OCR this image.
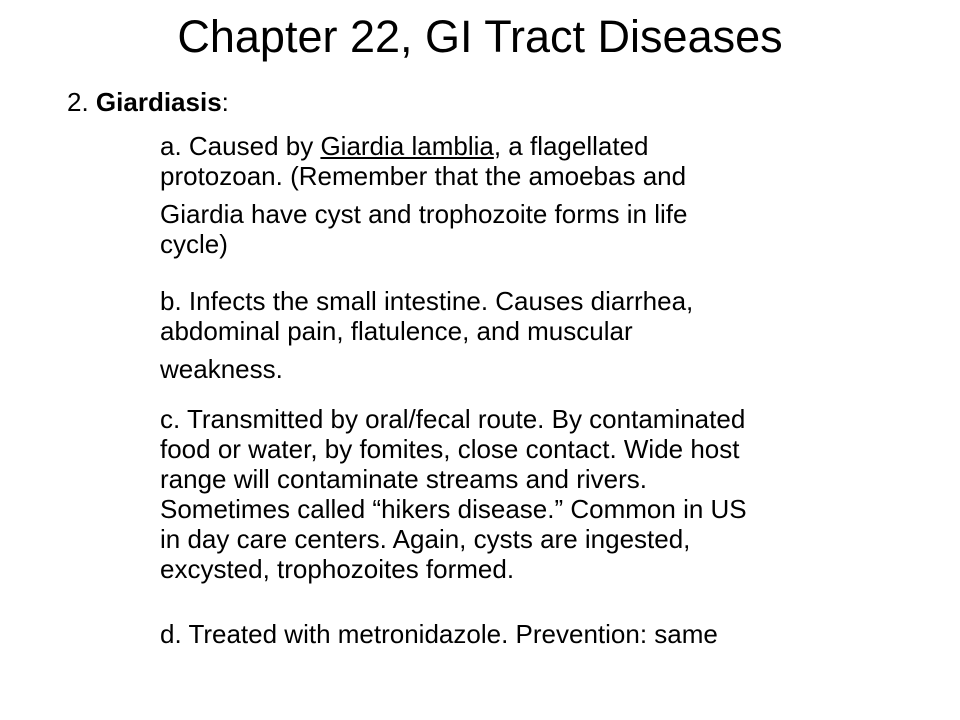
Chapter 22, GI Tract Diseases
2. Giardiasis:

a. Caused by Giardia lamblia, a flagellated

protozoan. (Remember that the amoebas and

Giardia have cyst and trophozoite forms in life

cycle)

b. Infects the small intestine. Causes diarrhea,

abdominal pain, flatulence, and muscular

weakness.

c. Transmitted by oral/fecal route. By contaminated

food or water, by fomites, close contact. Wide host

range will contaminate streams and rivers.

Sometimes called “hikers disease.” Common in US

in day care centers. Again, cysts are ingested,

excysted, trophozoites formed.

d. Treated with metronidazole. Prevention: same
